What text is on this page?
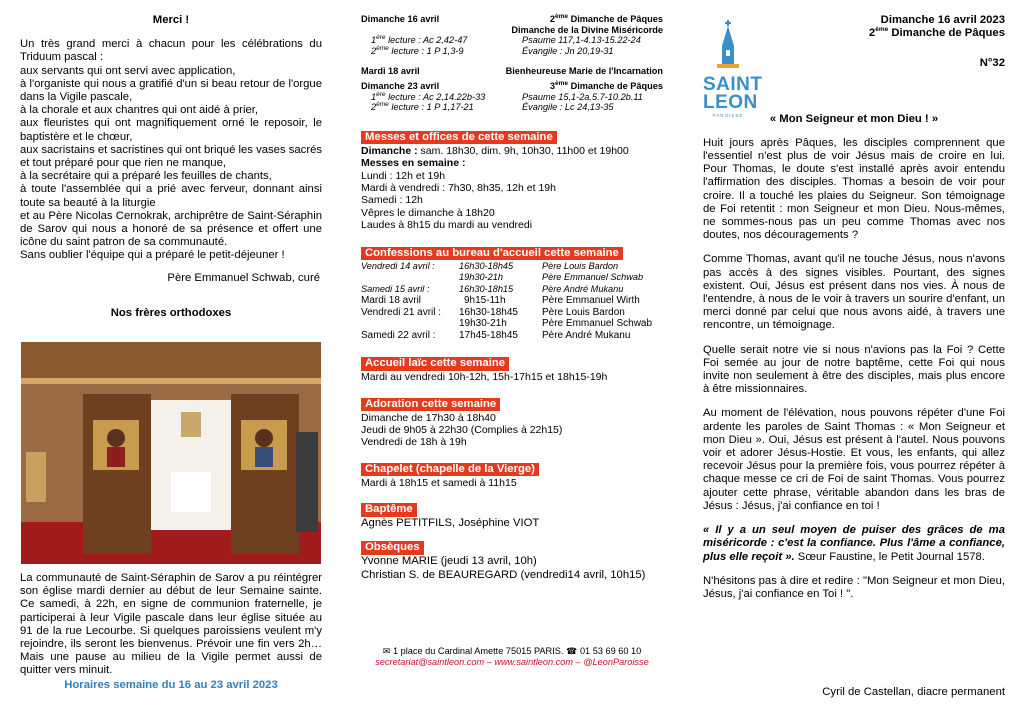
Merci !

Un très grand merci à chacun pour les célébrations du Triduum pascal :

aux servants qui ont servi avec application,

à l'organiste qui nous a gratifié d'un si beau retour de l'orgue dans la Vigile pascale,

à la chorale et aux chantres qui ont aidé à prier,

aux fleuristes qui ont magnifiquement orné le reposoir, le baptistère et le chœur,

aux sacristains et sacristines qui ont briqué les vases sacrés et tout préparé pour que rien ne manque,

à la secrétaire qui a préparé les feuilles de chants,

à toute l'assemblée qui a prié avec ferveur, donnant ainsi toute sa beauté à la liturgie

et au Père Nicolas Cernokrak, archiprêtre de Saint-Séraphin de Sarov qui nous a honoré de sa présence et offert une icône du saint patron de sa communauté.

Sans oublier l'équipe qui a préparé le petit-déjeuner !

Père Emmanuel Schwab, curé

Nos frères orthodoxes

La communauté de Saint-Séraphin de Sarov a pu réintégrer son église mardi dernier au début de leur Semaine sainte. Ce samedi, à 22h, en signe de communion fraternelle, je participerai à leur Vigile pascale dans leur église située au 91 de la rue Lecourbe. Si quelques paroissiens veulent m'y rejoindre, ils seront les bienvenus. Prévoir une fin vers 2h… Mais une pause au milieu de la Vigile permet aussi de quitter vers minuit.

Horaires semaine du 16 au 23 avril 2023

Dimanche 16 avril	2ème Dimanche de Pâques

Dimanche de la Divine Miséricorde

1ère lecture : Ac 2,42-47	Psaume 117,1-4.13-15.22-24
2ème lecture : 1 P 1,3-9	Évangile : Jn 20,19-31
Mardi 18 avril	Bienheureuse Marie de l'Incarnation
Dimanche 23 avril	3ème Dimanche de Pâques
1ère lecture : Ac 2,14.22b-33	Psaume 15,1-2a.5.7-10.2b.11
2ème lecture : 1 P 1,17-21	Évangile : Lc 24,13-35
Messes et offices de cette semaine

Dimanche : sam. 18h30, dim. 9h, 10h30, 11h00 et 19h00

Messes en semaine :

Lundi : 12h et 19h

Mardi à vendredi : 7h30, 8h35, 12h et 19h

Samedi : 12h

Vêpres le dimanche à 18h20

Laudes à 8h15 du mardi au vendredi

Confessions au bureau d'accueil cette semaine
Vendredi 14 avril :	16h30-18h45	Père Louis Bardon
19h30-21h	Père Emmanuel Schwab
Samedi 15 avril :	16h30-18h15	Père André Mukanu
Mardi 18 avril	9h15-11h	Père Emmanuel Wirth
Vendredi 21 avril :	16h30-18h45	Père Louis Bardon
19h30-21h	Père Emmanuel Schwab
Samedi 22 avril :	17h45-18h45	Père André Mukanu
Accueil laïc cette semaine

Mardi au vendredi 10h-12h, 15h-17h15 et 18h15-19h

Adoration cette semaine

Dimanche de 17h30 à 18h40

Jeudi de 9h05 à 22h30 (Complies à 22h15)

Vendredi de 18h à 19h

Chapelet (chapelle de la Vierge)

Mardi à 18h15 et samedi à 11h15

Baptême

Agnès PETITFILS, Joséphine VIOT

Obsèques

Yvonne MARIE (jeudi 13 avril, 10h)

Christian S. de BEAUREGARD (vendredi14 avril, 10h15)

✉ 1 place du Cardinal Amette 75015 PARIS. ☎ 01 53 69 60 10

secretariat@saintleon.com – www.saintleon.com – @LeonParoisse

SAINT
LEON
PAROISSE

Dimanche 16 avril 2023

2ème Dimanche de Pâques

N°32

« Mon Seigneur et mon Dieu ! »

Huit jours après Pâques, les disciples comprennent que l'essentiel n'est plus de voir Jésus mais de croire en lui. Pour Thomas, le doute s'est installé après avoir entendu l'affirmation des disciples. Thomas a besoin de voir pour croire. Il a touché les plaies du Seigneur. Son témoignage de Foi retentit : mon Seigneur et mon Dieu. Nous-mêmes, ne sommes-nous pas un peu comme Thomas avec nos doutes, nos découragements ?

Comme Thomas, avant qu'il ne touche Jésus, nous n'avons pas accès à des signes visibles. Pourtant, des signes existent. Oui, Jésus est présent dans nos vies. À nous de l'entendre, à nous de le voir à travers un sourire d'enfant, un merci donné par celui que nous avons aidé, à travers une rencontre, un témoignage.

Quelle serait notre vie si nous n'avions pas la Foi ? Cette Foi semée au jour de notre baptême, cette Foi qui nous invite non seulement à être des disciples, mais plus encore à être missionnaires.

Au moment de l'élévation, nous pouvons répéter d'une Foi ardente les paroles de Saint Thomas : « Mon Seigneur et mon Dieu ». Oui, Jésus est présent à l'autel. Nous pouvons voir et adorer Jésus-Hostie. Et vous, les enfants, qui allez recevoir Jésus pour la première fois, vous pourrez répéter à chaque messe ce cri de Foi de saint Thomas. Vous pourrez ajouter cette phrase, véritable abandon dans les bras de Jésus : Jésus, j'ai confiance en toi !

« Il y a un seul moyen de puiser des grâces de ma miséricorde : c'est la confiance. Plus l'âme a confiance, plus elle reçoit ». Sœur Faustine, le Petit Journal 1578.

N'hésitons pas à dire et redire : "Mon Seigneur et mon Dieu, Jésus, j'ai confiance en Toi ! ".

Cyril de Castellan, diacre permanent
